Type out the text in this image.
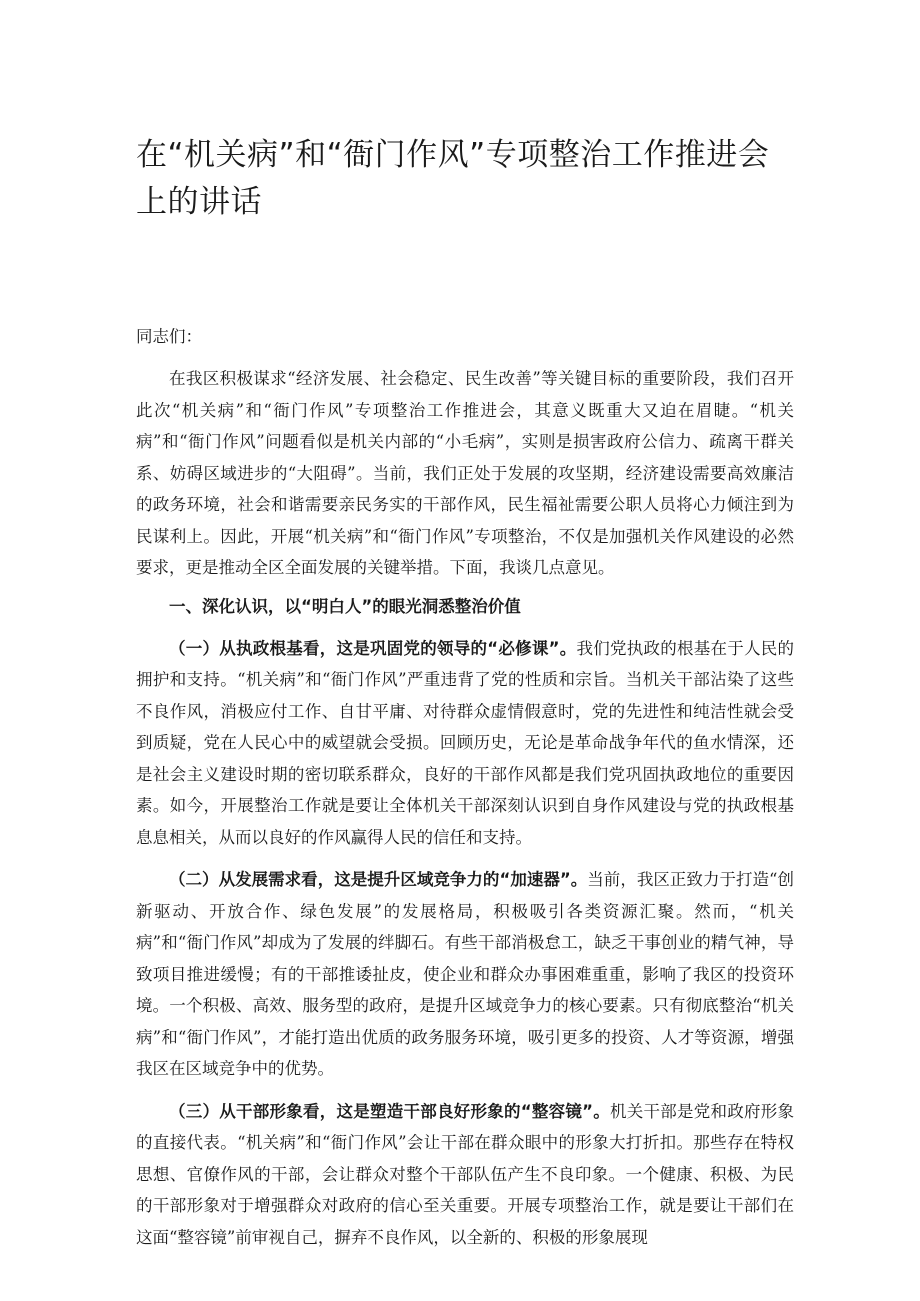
在“机关病”和“衙门作风”专项整治工作推进会上的讲话
同志们：

在我区积极谋求“经济发展、社会稳定、民生改善”等关键目标的重要阶段，我们召开此次“机关病”和“衙门作风”专项整治工作推进会，其意义既重大又迫在眉睫。“机关病”和“衙门作风”问题看似是机关内部的“小毛病”，实则是损害政府公信力、疏离干群关系、妨碍区域进步的“大阻碍”。当前，我们正处于发展的攻坚期，经济建设需要高效廉洁的政务环境，社会和谐需要亲民务实的干部作风，民生福祉需要公职人员将心力倾注到为民谋利上。因此，开展“机关病”和“衙门作风”专项整治，不仅是加强机关作风建设的必然要求，更是推动全区全面发展的关键举措。下面，我谈几点意见。

一、深化认识，以“明白人”的眼光洞悉整治价值

（一）从执政根基看，这是巩固党的领导的“必修课”。我们党执政的根基在于人民的拥护和支持。“机关病”和“衙门作风”严重违背了党的性质和宗旨。当机关干部沾染了这些不良作风，消极应付工作、自甘平庸、对待群众虚情假意时，党的先进性和纯洁性就会受到质疑，党在人民心中的威望就会受损。回顾历史，无论是革命战争年代的鱼水情深，还是社会主义建设时期的密切联系群众，良好的干部作风都是我们党巩固执政地位的重要因素。如今，开展整治工作就是要让全体机关干部深刻认识到自身作风建设与党的执政根基息息相关，从而以良好的作风赢得人民的信任和支持。

（二）从发展需求看，这是提升区域竞争力的“加速器”。当前，我区正致力于打造“创新驱动、开放合作、绿色发展”的发展格局，积极吸引各类资源汇聚。然而，“机关病”和“衙门作风”却成为了发展的绊脚石。有些干部消极怠工，缺乏干事创业的精气神，导致项目推进缓慢；有的干部推诿扯皮，使企业和群众办事困难重重，影响了我区的投资环境。一个积极、高效、服务型的政府，是提升区域竞争力的核心要素。只有彻底整治“机关病”和“衙门作风”，才能打造出优质的政务服务环境，吸引更多的投资、人才等资源，增强我区在区域竞争中的优势。

（三）从干部形象看，这是塑造干部良好形象的“整容镜”。机关干部是党和政府形象的直接代表。“机关病”和“衙门作风”会让干部在群众眼中的形象大打折扣。那些存在特权思想、官僚作风的干部，会让群众对整个干部队伍产生不良印象。一个健康、积极、为民的干部形象对于增强群众对政府的信心至关重要。开展专项整治工作，就是要让干部们在这面“整容镜”前审视自己，摒弃不良作风，以全新的、积极的形象展现
